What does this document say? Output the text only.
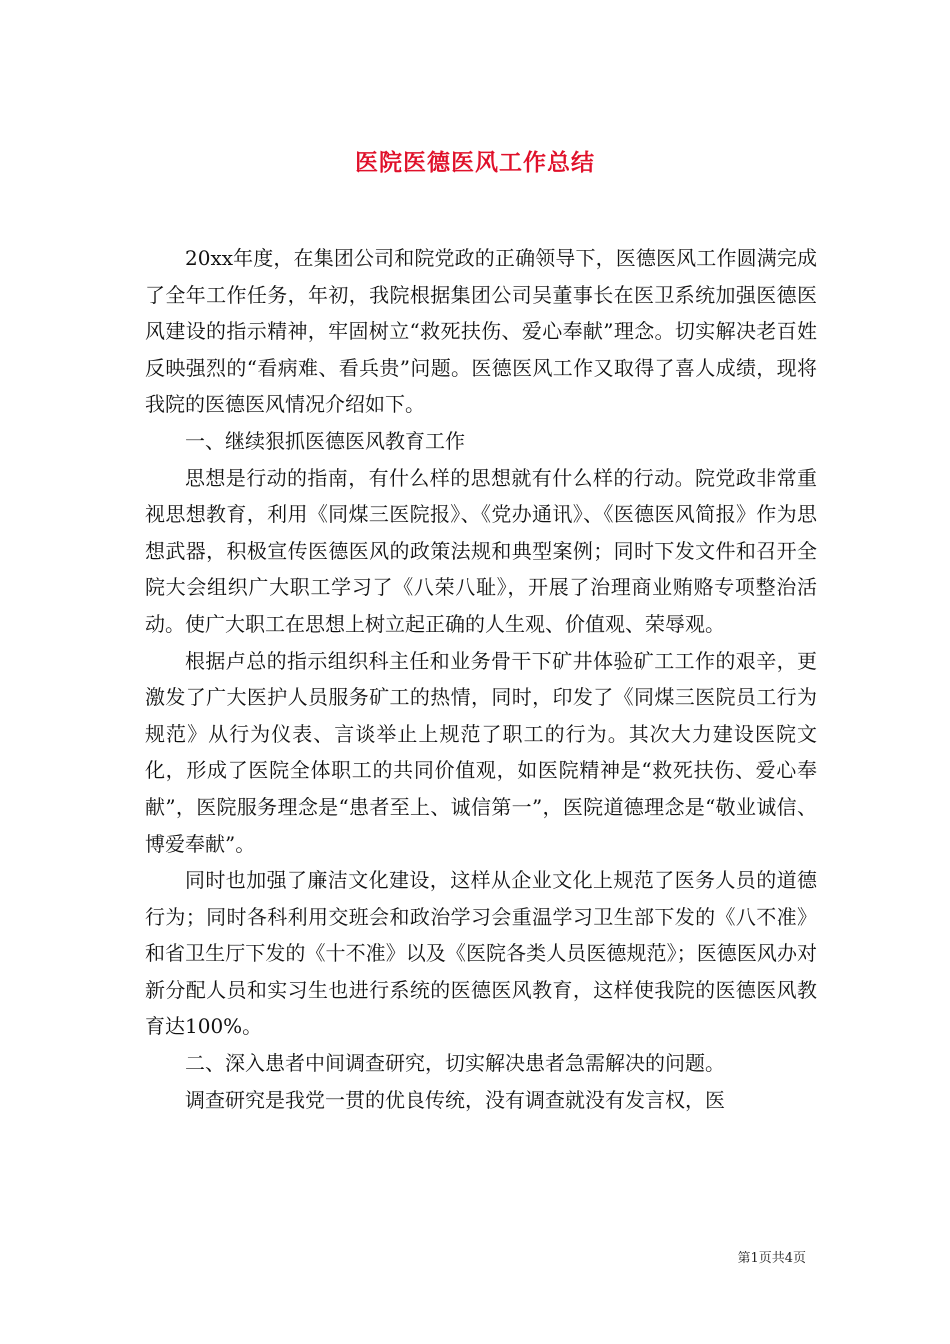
医院医德医风工作总结

20xx年度，在集团公司和院党政的正确领导下，医德医风工作圆满完成了全年工作任务，年初，我院根据集团公司吴董事长在医卫系统加强医德医风建设的指示精神，牢固树立“救死扶伤、爱心奉献”理念。切实解决老百姓反映强烈的“看病难、看兵贵”问题。医德医风工作又取得了喜人成绩，现将我院的医德医风情况介绍如下。

一、继续狠抓医德医风教育工作

思想是行动的指南，有什么样的思想就有什么样的行动。院党政非常重视思想教育，利用《同煤三医院报》、《党办通讯》、《医德医风简报》作为思想武器，积极宣传医德医风的政策法规和典型案例；同时下发文件和召开全院大会组织广大职工学习了《八荣八耻》，开展了治理商业贿赂专项整治活动。使广大职工在思想上树立起正确的人生观、价值观、荣辱观。

根据卢总的指示组织科主任和业务骨干下矿井体验矿工工作的艰辛，更激发了广大医护人员服务矿工的热情，同时，印发了《同煤三医院员工行为规范》从行为仪表、言谈举止上规范了职工的行为。其次大力建设医院文化，形成了医院全体职工的共同价值观，如医院精神是“救死扶伤、爱心奉献”，医院服务理念是“患者至上、诚信第一”，医院道德理念是“敬业诚信、博爱奉献”。

同时也加强了廉洁文化建设，这样从企业文化上规范了医务人员的道德行为；同时各科利用交班会和政治学习会重温学习卫生部下发的《八不准》和省卫生厅下发的《十不准》以及《医院各类人员医德规范》；医德医风办对新分配人员和实习生也进行系统的医德医风教育，这样使我院的医德医风教育达100%。

二、深入患者中间调查研究，切实解决患者急需解决的问题。

调查研究是我党一贯的优良传统，没有调查就没有发言权，医

第1页共4页
